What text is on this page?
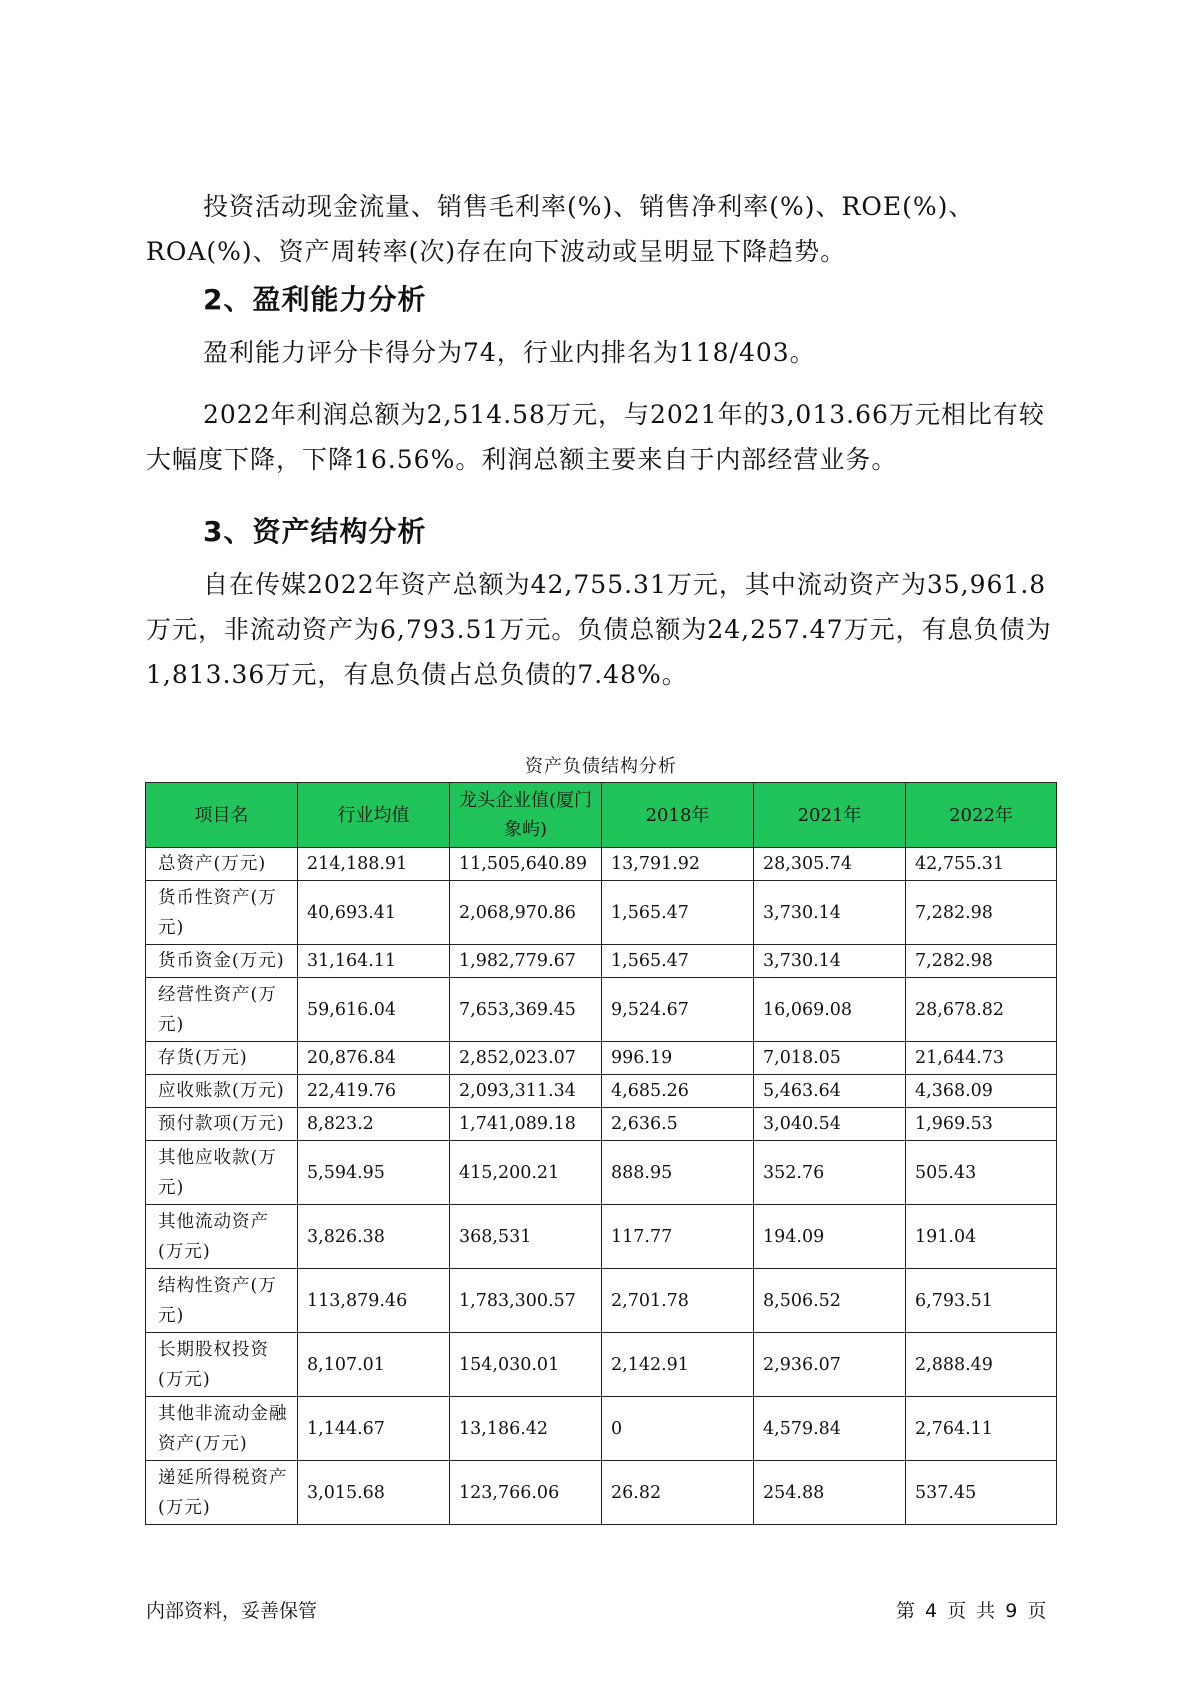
投资活动现金流量、销售毛利率(%)、销售净利率(%)、ROE(%)、ROA(%)、资产周转率(次)存在向下波动或呈明显下降趋势。

2、盈利能力分析

盈利能力评分卡得分为74，行业内排名为118/403。

2022年利润总额为2,514.58万元，与2021年的3,013.66万元相比有较大幅度下降，下降16.56%。利润总额主要来自于内部经营业务。

3、资产结构分析

自在传媒2022年资产总额为42,755.31万元，其中流动资产为35,961.8万元，非流动资产为6,793.51万元。负债总额为24,257.47万元，有息负债为1,813.36万元，有息负债占总负债的7.48%。

资产负债结构分析
项目名	行业均值	龙头企业值(厦门象屿)	2018年	2021年	2022年
总资产(万元)	214,188.91	11,505,640.89	13,791.92	28,305.74	42,755.31
货币性资产(万元)	40,693.41	2,068,970.86	1,565.47	3,730.14	7,282.98
货币资金(万元)	31,164.11	1,982,779.67	1,565.47	3,730.14	7,282.98
经营性资产(万元)	59,616.04	7,653,369.45	9,524.67	16,069.08	28,678.82
存货(万元)	20,876.84	2,852,023.07	996.19	7,018.05	21,644.73
应收账款(万元)	22,419.76	2,093,311.34	4,685.26	5,463.64	4,368.09
预付款项(万元)	8,823.2	1,741,089.18	2,636.5	3,040.54	1,969.53
其他应收款(万元)	5,594.95	415,200.21	888.95	352.76	505.43
其他流动资产(万元)	3,826.38	368,531	117.77	194.09	191.04
结构性资产(万元)	113,879.46	1,783,300.57	2,701.78	8,506.52	6,793.51
长期股权投资(万元)	8,107.01	154,030.01	2,142.91	2,936.07	2,888.49
其他非流动金融资产(万元)	1,144.67	13,186.42	0	4,579.84	2,764.11
递延所得税资产(万元)	3,015.68	123,766.06	26.82	254.88	537.45
内部资料，妥善保管	第 4 页 共 9 页
